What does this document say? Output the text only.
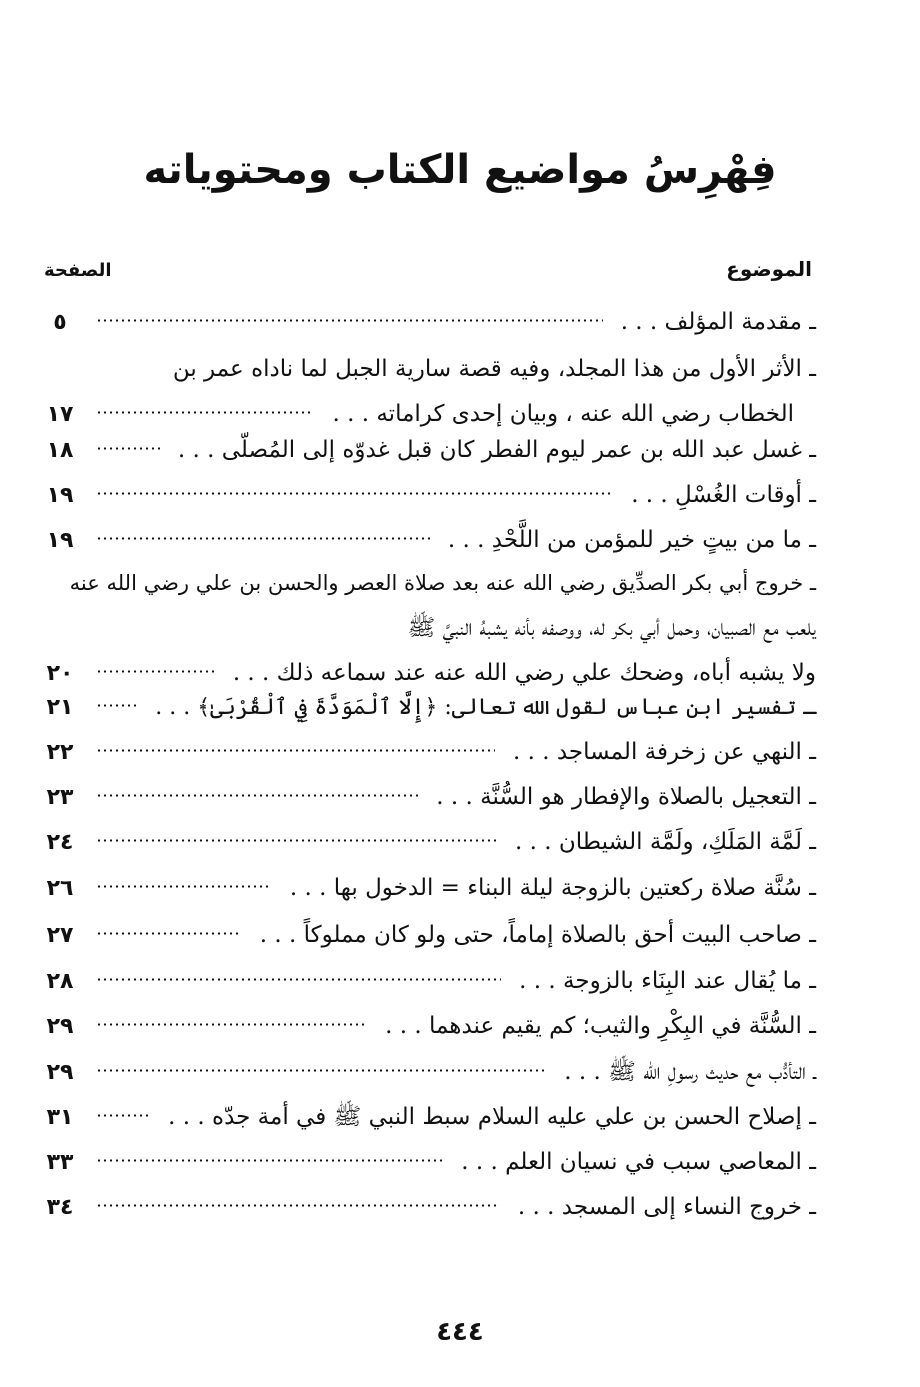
فِهْرِسُ مواضيع الكتاب ومحتوياته
الموضوع
الصفحة
ـ مقدمة المؤلف . . .
٥
ـ الأثر الأول من هذا المجلد، وفيه قصة سارية الجبل لما ناداه عمر بن
الخطاب رضي الله عنه ، وبيان إحدى كراماته . . .
١٧
ـ غسل عبد الله بن عمر ليوم الفطر كان قبل غدوّه إلى المُصلّى . . .
١٨
ـ أوقات الغُسْلِ . . .
١٩
ـ ما من بيتٍ خير للمؤمن من اللَّحْدِ . . .
١٩
ـ خروج أبي بكر الصدِّيق رضي الله عنه بعد صلاة العصر والحسن بن علي رضي الله عنه
يلعب مع الصبيان، وحمل أبي بكر له، ووصفه بأنه يشبهُ النبيَّ ﷺ
ولا يشبه أباه، وضحك علي رضي الله عنه عند سماعه ذلك . . .
٢٠
ـ تفسير ابن عباس لقول الله تعالى: ﴿إِلَّا ٱلْمَوَدَّةَ فِي ٱلْقُرْبَىٰ﴾ . . .
٢١
ـ النهي عن زخرفة المساجد . . .
٢٢
ـ التعجيل بالصلاة والإفطار هو السُّنَّة . . .
٢٣
ـ لَمَّة المَلَكِ، ولَمَّة الشيطان . . .
٢٤
ـ سُنَّة صلاة ركعتين بالزوجة ليلة البناء = الدخول بها . . .
٢٦
ـ صاحب البيت أحق بالصلاة إماماً، حتى ولو كان مملوكاً . . .
٢٧
ـ ما يُقال عند البِنَاء بالزوجة . . .
٢٨
ـ السُّنَّة في البِكْرِ والثيب؛ كم يقيم عندهما . . .
٢٩
ـ التأدُّب مع حديث رسولِ الله ﷺ . . .
٢٩
ـ إصلاح الحسن بن علي عليه السلام سبط النبي ﷺ في أمة جدّه . . .
٣١
ـ المعاصي سبب في نسيان العلم . . .
٣٣
ـ خروج النساء إلى المسجد . . .
٣٤
٤٤٤
